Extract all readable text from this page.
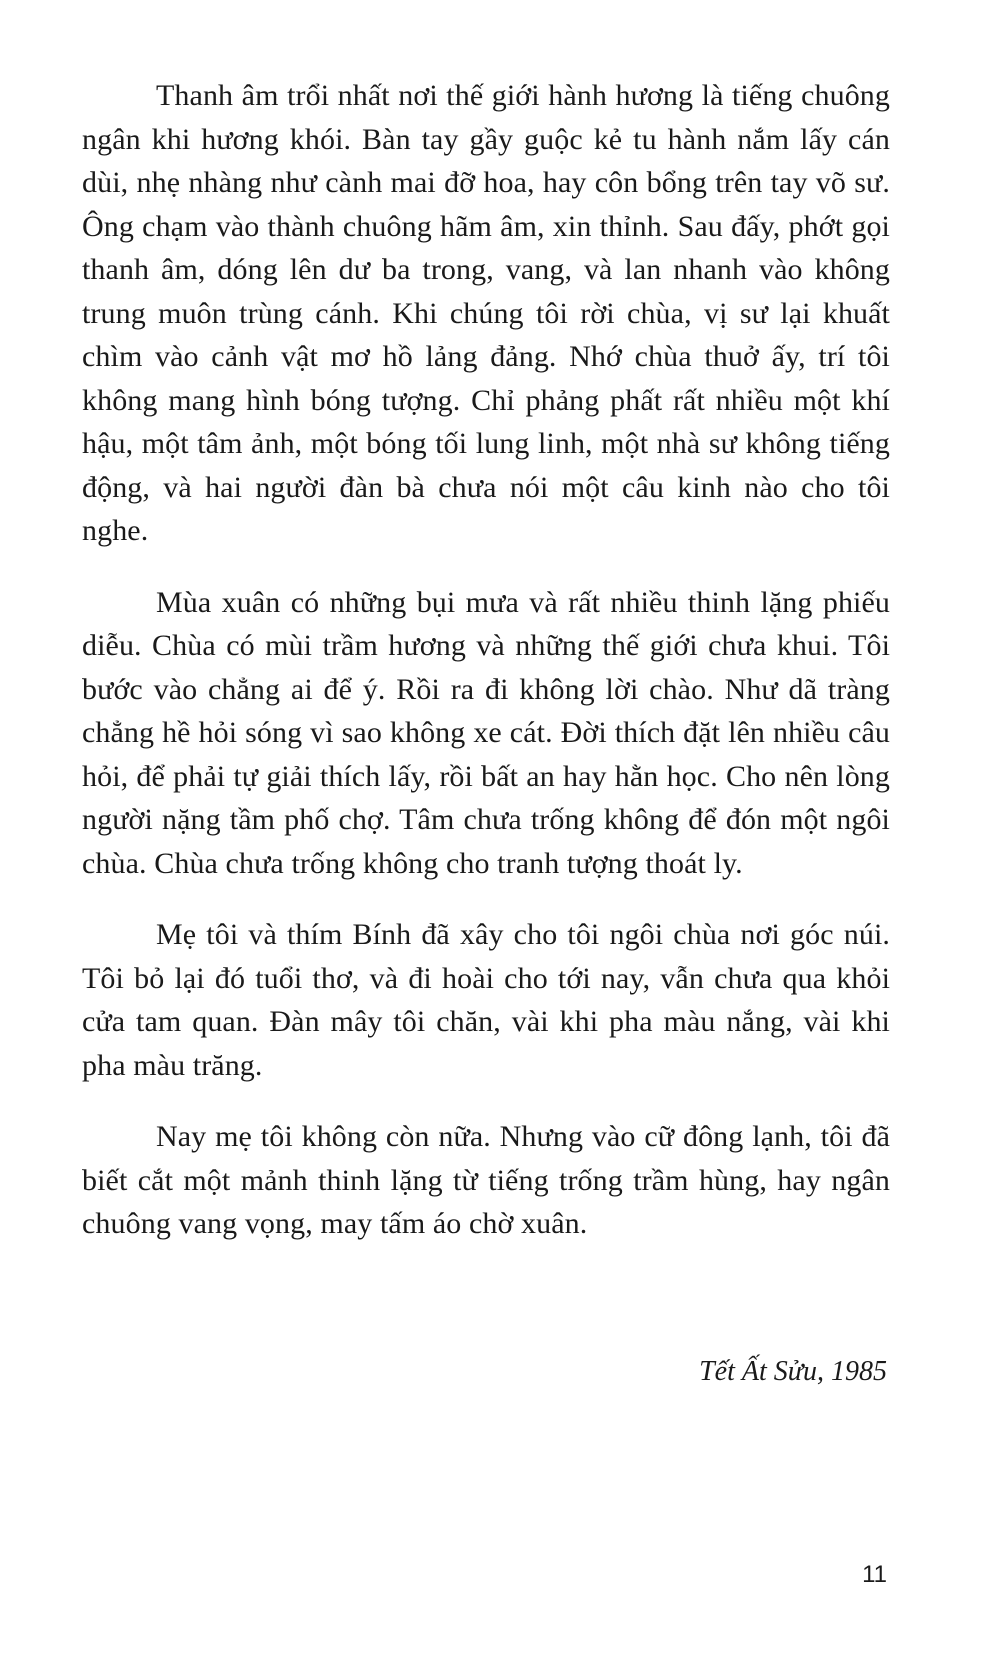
Thanh âm trổi nhất nơi thế giới hành hương là tiếng chuông ngân khi hương khói. Bàn tay gầy guộc kẻ tu hành nắm lấy cán dùi, nhẹ nhàng như cành mai đỡ hoa, hay côn bổng trên tay võ sư. Ông chạm vào thành chuông hãm âm, xin thỉnh. Sau đấy, phớt gọi thanh âm, dóng lên dư ba trong, vang, và lan nhanh vào không trung muôn trùng cánh. Khi chúng tôi rời chùa, vị sư lại khuất chìm vào cảnh vật mơ hồ lảng đảng. Nhớ chùa thuở ấy, trí tôi không mang hình bóng tượng. Chỉ phảng phất rất nhiều một khí hậu, một tâm ảnh, một bóng tối lung linh, một nhà sư không tiếng động, và hai người đàn bà chưa nói một câu kinh nào cho tôi nghe.

Mùa xuân có những bụi mưa và rất nhiều thinh lặng phiếu diễu. Chùa có mùi trầm hương và những thế giới chưa khui. Tôi bước vào chẳng ai để ý. Rồi ra đi không lời chào. Như dã tràng chẳng hề hỏi sóng vì sao không xe cát. Đời thích đặt lên nhiều câu hỏi, để phải tự giải thích lấy, rồi bất an hay hằn học. Cho nên lòng người nặng tầm phố chợ. Tâm chưa trống không để đón một ngôi chùa. Chùa chưa trống không cho tranh tượng thoát ly.

Mẹ tôi và thím Bính đã xây cho tôi ngôi chùa nơi góc núi. Tôi bỏ lại đó tuổi thơ, và đi hoài cho tới nay, vẫn chưa qua khỏi cửa tam quan. Đàn mây tôi chăn, vài khi pha màu nắng, vài khi pha màu trăng.

Nay mẹ tôi không còn nữa. Nhưng vào cữ đông lạnh, tôi đã biết cắt một mảnh thinh lặng từ tiếng trống trầm hùng, hay ngân chuông vang vọng, may tấm áo chờ xuân.

Tết Ất Sửu, 1985
11
